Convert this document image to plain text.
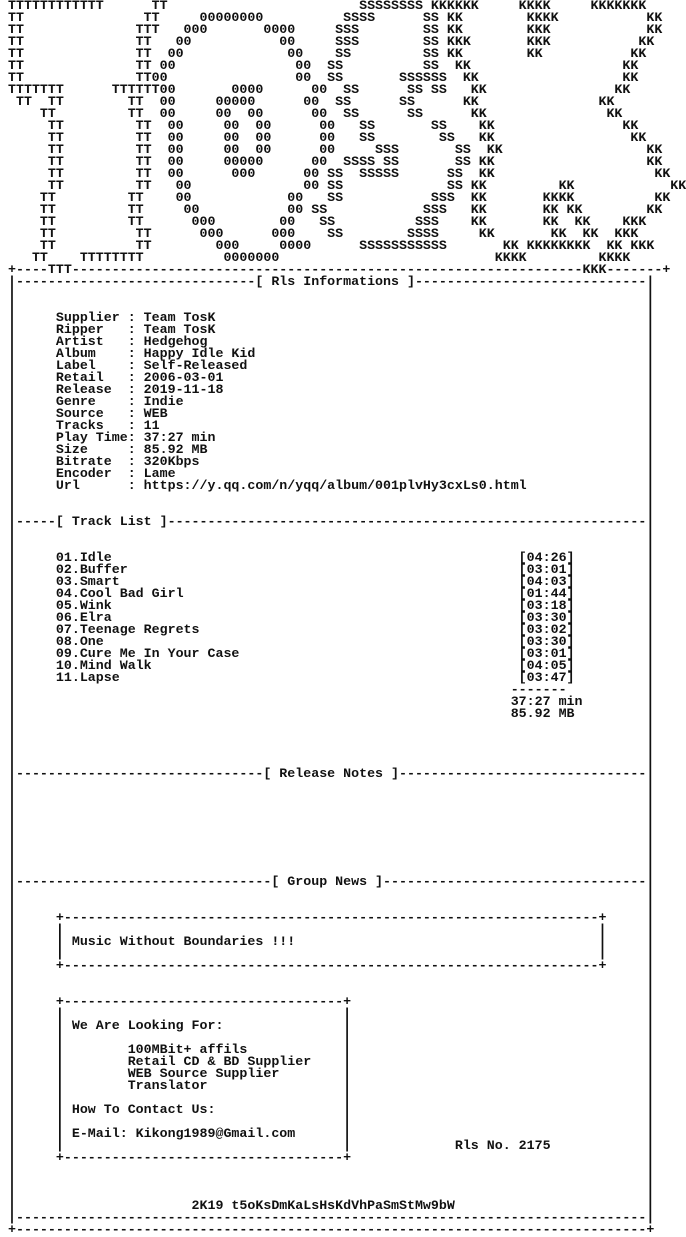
TTTTTTTTTTTT      TT                        SSSSSSSS KKKKKK     KKKK     KKKKKKK
TT               TT     00000000          SSSS      SS KK        KKKK           KK
TT              TTT   000       0000     SSS        SS KK        KKK            KK
TT              TT   00           00     SSS        SS KKK       KKK           KK
TT              TT  00             00    SS         SS KK        KK           KK
TT              TT 00               00  SS          SS  KK                   KK
TT              TT00                00  SS       SSSSSS  KK                  KK
TTTTTTT      TTTTTT00       0000      00  SS      SS SS   KK                KK
TT  TT        TT  00     00000      00  SS      SS      KK               KK
TT         TT  00     00  00      00  SS      SS      KK               KK
TT         TT  00     00  00      00   SS       SS    KK                KK
TT         TT  00     00  00      00   SS        SS   KK                 KK
TT         TT  00     00  00      00     SSS       SS  KK                  KK
TT         TT  00     00000      00  SSSS SS       SS KK                   KK
TT         TT  00      000      00 SS  SSSSS      SS  KK                    KK
TT         TT   00              00 SS             SS KK         KK            KK
TT         TT    00            00   SS           SSS  KK       KKKK          KK
TT         TT     00           00 SS            SSS   KK       KK KK        KK
TT         TT      000        00   SS          SSS    KK       KK  KK    KKK
TT          TT      000      000    SS        SSSS     KK       KK  KK  KKK
TT          TT        000     0000      SSSSSSSSSSS       KK KKKKKKKK  KK KKK
TT    TTTTTTTT          0000000                           KKKK         KKKK
+----TTT----------------------------------------------------------------KKK-------+
|------------------------------[ Rls Informations ]-----------------------------|
|                                                                               |
|                                                                               |
|     Supplier : Team TosK                                                      |
|     Ripper   : Team TosK                                                      |
|     Artist   : Hedgehog                                                       |
|     Album    : Happy Idle Kid                                                 |
|     Label    : Self-Released                                                  |
|     Retail   : 2006-03-01                                                     |
|     Release  : 2019-11-18                                                     |
|     Genre    : Indie                                                          |
|     Source   : WEB                                                            |
|     Tracks   : 11                                                             |
|     Play Time: 37:27 min                                                      |
|     Size     : 85.92 MB                                                       |
|     Bitrate  : 320Kbps                                                        |
|     Encoder  : Lame                                                           |
|     Url      : https://y.qq.com/n/yqq/album/001plvHy3cxLs0.html               |
|                                                                               |
|                                                                               |
|-----[ Track List ]------------------------------------------------------------|
|                                                                               |
|                                                                               |
|     01.Idle                                                   [04:26]         |
|     02.Buffer                                                 [03:01]         |
|     03.Smart                                                  [04:03]         |
|     04.Cool Bad Girl                                          [01:44]         |
|     05.Wink                                                   [03:18]         |
|     06.Elra                                                   [03:30]         |
|     07.Teenage Regrets                                        [03:02]         |
|     08.One                                                    [03:30]         |
|     09.Cure Me In Your Case                                   [03:01]         |
|     10.Mind Walk                                              [04:05]         |
|     11.Lapse                                                  [03:47]         |
|                                                              -------          |
|                                                              37:27 min        |
|                                                              85.92 MB         |
|                                                                               |
|                                                                               |
|                                                                               |
|                                                                               |
|-------------------------------[ Release Notes ]-------------------------------|
|                                                                               |
|                                                                               |
|                                                                               |
|                                                                               |
|                                                                               |
|                                                                               |
|                                                                               |
|                                                                               |
|--------------------------------[ Group News ]---------------------------------|
|                                                                               |
|                                                                               |
|     +-------------------------------------------------------------------+     |
|     |                                                                   |     |
|     | Music Without Boundaries !!!                                      |     |
|     |                                                                   |     |
|     +-------------------------------------------------------------------+     |
|                                                                               |
|                                                                               |
|     +-----------------------------------+                                     |
|     |                                   |                                     |
|     | We Are Looking For:               |                                     |
|     |                                   |                                     |
|     |        100MBit+ affils            |                                     |
|     |        Retail CD & BD Supplier    |                                     |
|     |        WEB Source Supplier        |                                     |
|     |        Translator                 |                                     |
|     |                                   |                                     |
|     | How To Contact Us:                |                                     |
|     |                                   |                                     |
|     | E-Mail: Kikong1989@Gmail.com      |                                     |
|     |                                   |             Rls No. 2175            |
|     +-----------------------------------+                                     |
|                                                                               |
|                                                                               |
|                                                                               |
|                      2K19 t5oKsDmKaLsHsKdVhPaSmStMw9bW                        |
|-------------------------------------------------------------------------------|
+-------------------------------------------------------------------------------+
